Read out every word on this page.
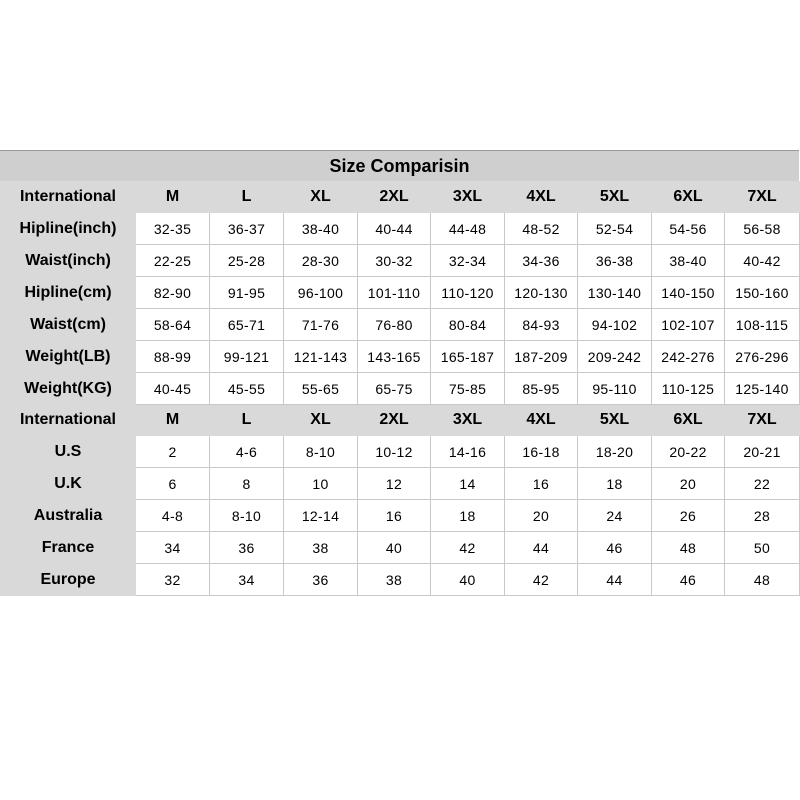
Size Comparisin
International	M	L	XL	2XL	3XL	4XL	5XL	6XL	7XL
Hipline(inch)	32-35	36-37	38-40	40-44	44-48	48-52	52-54	54-56	56-58
Waist(inch)	22-25	25-28	28-30	30-32	32-34	34-36	36-38	38-40	40-42
Hipline(cm)	82-90	91-95	96-100	101-110	110-120	120-130	130-140	140-150	150-160
Waist(cm)	58-64	65-71	71-76	76-80	80-84	84-93	94-102	102-107	108-115
Weight(LB)	88-99	99-121	121-143	143-165	165-187	187-209	209-242	242-276	276-296
Weight(KG)	40-45	45-55	55-65	65-75	75-85	85-95	95-110	110-125	125-140
International	M	L	XL	2XL	3XL	4XL	5XL	6XL	7XL
U.S	2	4-6	8-10	10-12	14-16	16-18	18-20	20-22	20-21
U.K	6	8	10	12	14	16	18	20	22
Australia	4-8	8-10	12-14	16	18	20	24	26	28
France	34	36	38	40	42	44	46	48	50
Europe	32	34	36	38	40	42	44	46	48
